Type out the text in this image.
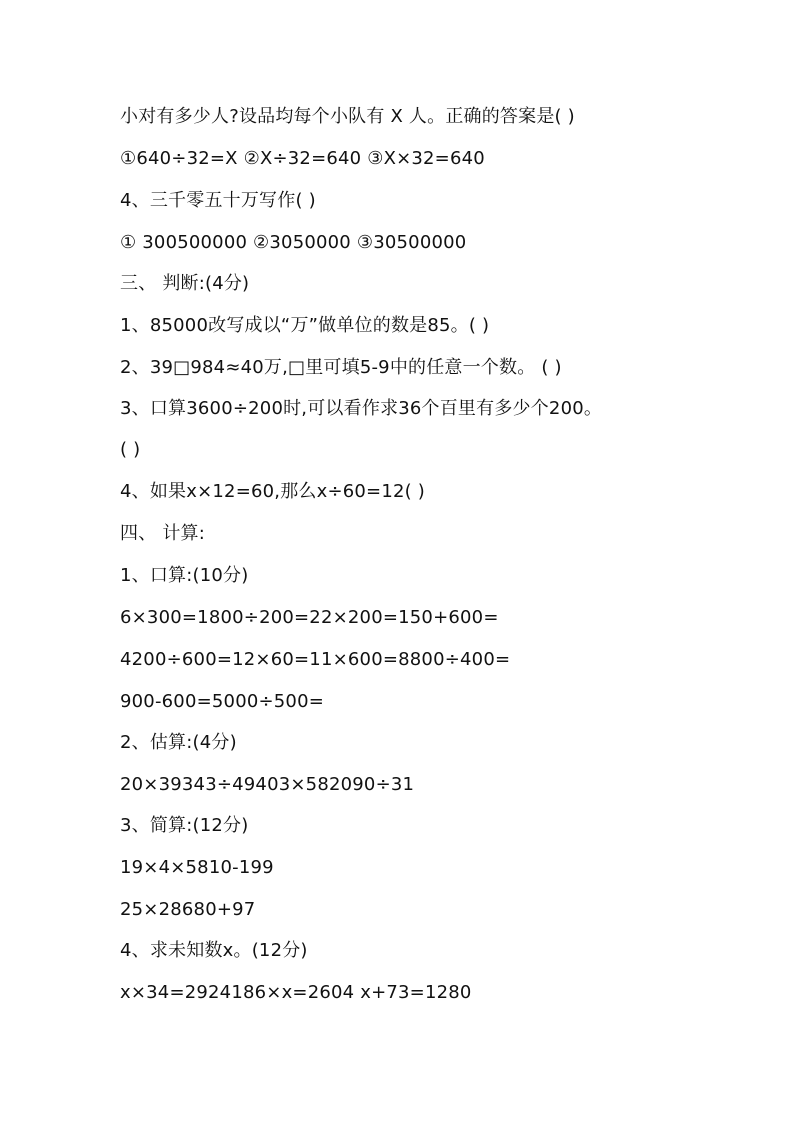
小对有多少人?设品均每个小队有 X 人。正确的答案是( )
①640÷32=X ②X÷32=640 ③X×32=640
4、三千零五十万写作( )
① 300500000 ②3050000 ③30500000
三、 判断:(4分)
1、85000改写成以“万”做单位的数是85。( )
2、39□984≈40万,□里可填5-9中的任意一个数。 ( )
3、口算3600÷200时,可以看作求36个百里有多少个200。
( )
4、如果x×12=60,那么x÷60=12( )
四、 计算:
1、口算:(10分)
6×300=1800÷200=22×200=150+600=
4200÷600=12×60=11×600=8800÷400=
900-600=5000÷500=
2、估算:(4分)
20×39343÷49403×582090÷31
3、简算:(12分)
19×4×5810-199
25×28680+97
4、求未知数x。(12分)
x×34=2924186×x=2604 x+73=1280
